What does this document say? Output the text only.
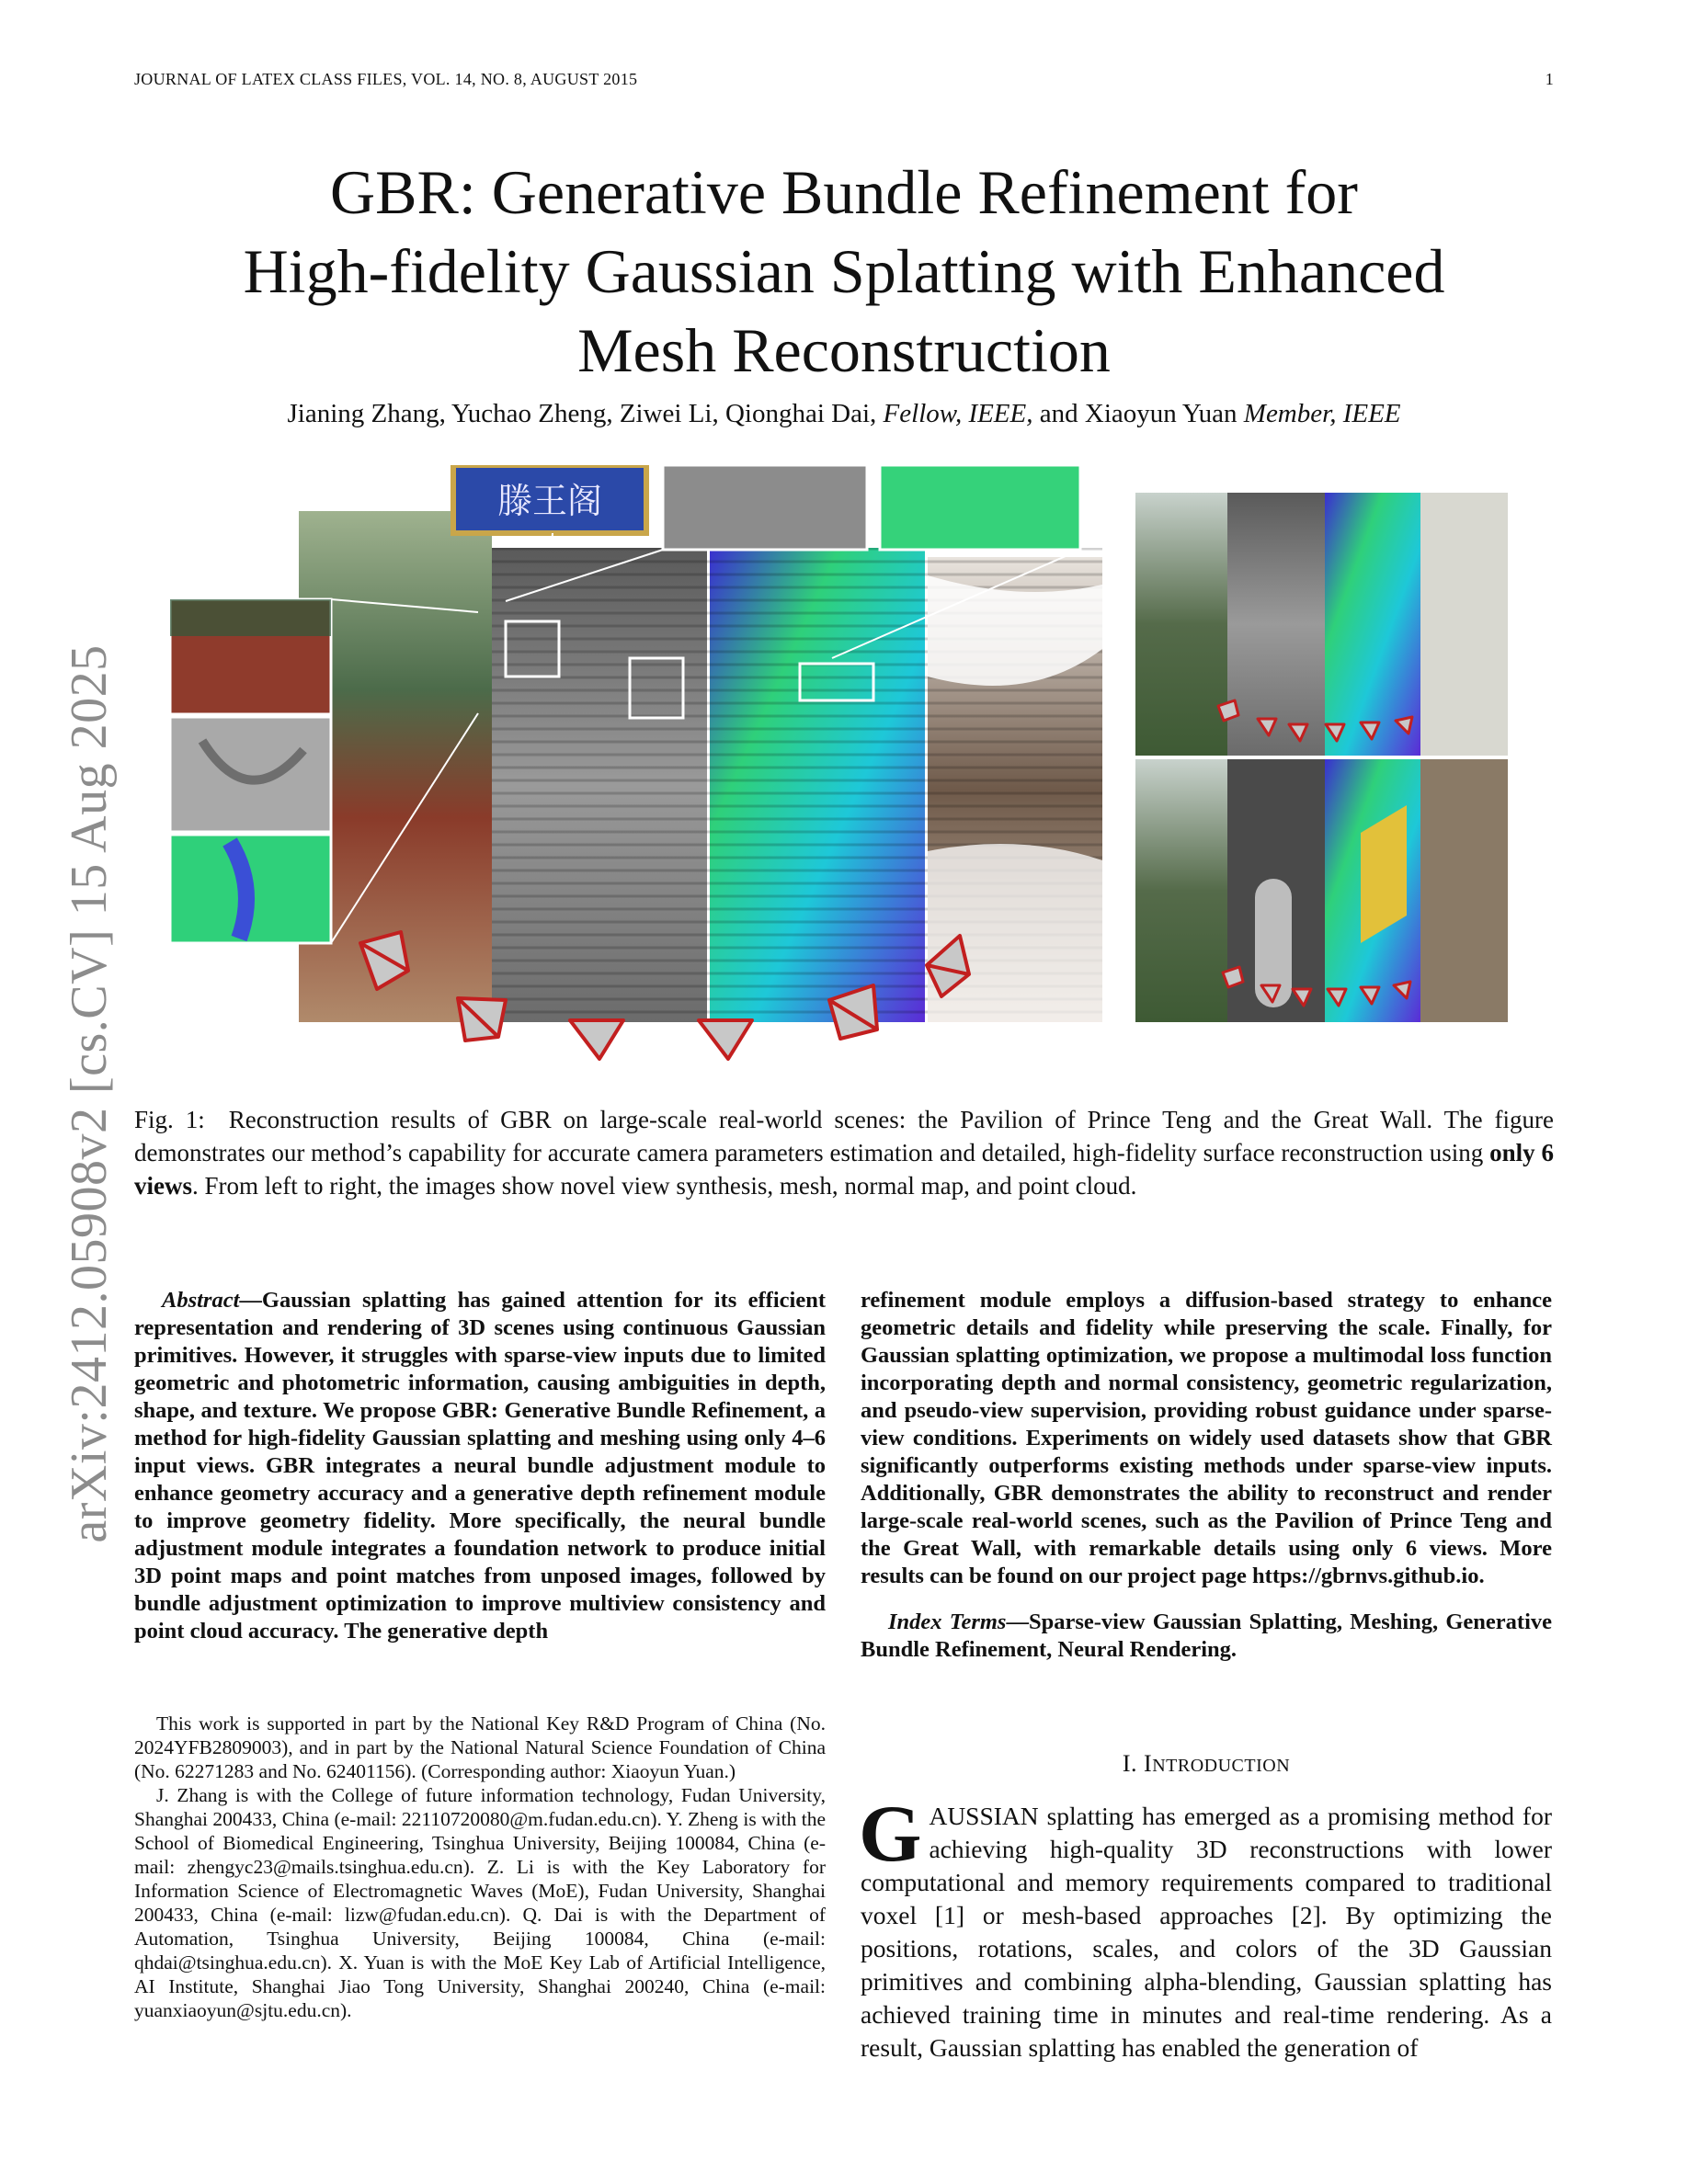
JOURNAL OF LATEX CLASS FILES, VOL. 14, NO. 8, AUGUST 2015	1
arXiv:2412.05908v2 [cs.CV] 15 Aug 2025
GBR: Generative Bundle Refinement for
High-fidelity Gaussian Splatting with Enhanced
Mesh Reconstruction
Jianing Zhang, Yuchao Zheng, Ziwei Li, Qionghai Dai, Fellow, IEEE, and Xiaoyun Yuan Member, IEEE
滕王阁
Fig. 1: Reconstruction results of GBR on large-scale real-world scenes: the Pavilion of Prince Teng and the Great Wall. The figure demonstrates our method’s capability for accurate camera parameters estimation and detailed, high-fidelity surface reconstruction using only 6 views. From left to right, the images show novel view synthesis, mesh, normal map, and point cloud.

Abstract—Gaussian splatting has gained attention for its efficient representation and rendering of 3D scenes using continuous Gaussian primitives. However, it struggles with sparse-view inputs due to limited geometric and photometric information, causing ambiguities in depth, shape, and texture. We propose GBR: Generative Bundle Refinement, a method for high-fidelity Gaussian splatting and meshing using only 4–6 input views. GBR integrates a neural bundle adjustment module to enhance geometry accuracy and a generative depth refinement module to improve geometry fidelity. More specifically, the neural bundle adjustment module integrates a foundation network to produce initial 3D point maps and point matches from unposed images, followed by bundle adjustment optimization to improve multiview consistency and point cloud accuracy. The generative depth

This work is supported in part by the National Key R&D Program of China (No. 2024YFB2809003), and in part by the National Natural Science Foundation of China (No. 62271283 and No. 62401156). (Corresponding author: Xiaoyun Yuan.)

J. Zhang is with the College of future information technology, Fudan University, Shanghai 200433, China (e-mail: 22110720080@m.fudan.edu.cn). Y. Zheng is with the School of Biomedical Engineering, Tsinghua University, Beijing 100084, China (e-mail: zhengyc23@mails.tsinghua.edu.cn). Z. Li is with the Key Laboratory for Information Science of Electromagnetic Waves (MoE), Fudan University, Shanghai 200433, China (e-mail: lizw@fudan.edu.cn). Q. Dai is with the Department of Automation, Tsinghua University, Beijing 100084, China (e-mail: qhdai@tsinghua.edu.cn). X. Yuan is with the MoE Key Lab of Artificial Intelligence, AI Institute, Shanghai Jiao Tong University, Shanghai 200240, China (e-mail: yuanxiaoyun@sjtu.edu.cn).

refinement module employs a diffusion-based strategy to enhance geometric details and fidelity while preserving the scale. Finally, for Gaussian splatting optimization, we propose a multimodal loss function incorporating depth and normal consistency, geometric regularization, and pseudo-view supervision, providing robust guidance under sparse-view conditions. Experiments on widely used datasets show that GBR significantly outperforms existing methods under sparse-view inputs. Additionally, GBR demonstrates the ability to reconstruct and render large-scale real-world scenes, such as the Pavilion of Prince Teng and the Great Wall, with remarkable details using only 6 views. More results can be found on our project page https://gbrnvs.github.io.

Index Terms—Sparse-view Gaussian Splatting, Meshing, Generative Bundle Refinement, Neural Rendering.

I. INTRODUCTION

GAUSSIAN splatting has emerged as a promising method for achieving high-quality 3D reconstructions with lower computational and memory requirements compared to traditional voxel [1] or mesh-based approaches [2]. By optimizing the positions, rotations, scales, and colors of the 3D Gaussian primitives and combining alpha-blending, Gaussian splatting has achieved training time in minutes and real-time rendering. As a result, Gaussian splatting has enabled the generation of
